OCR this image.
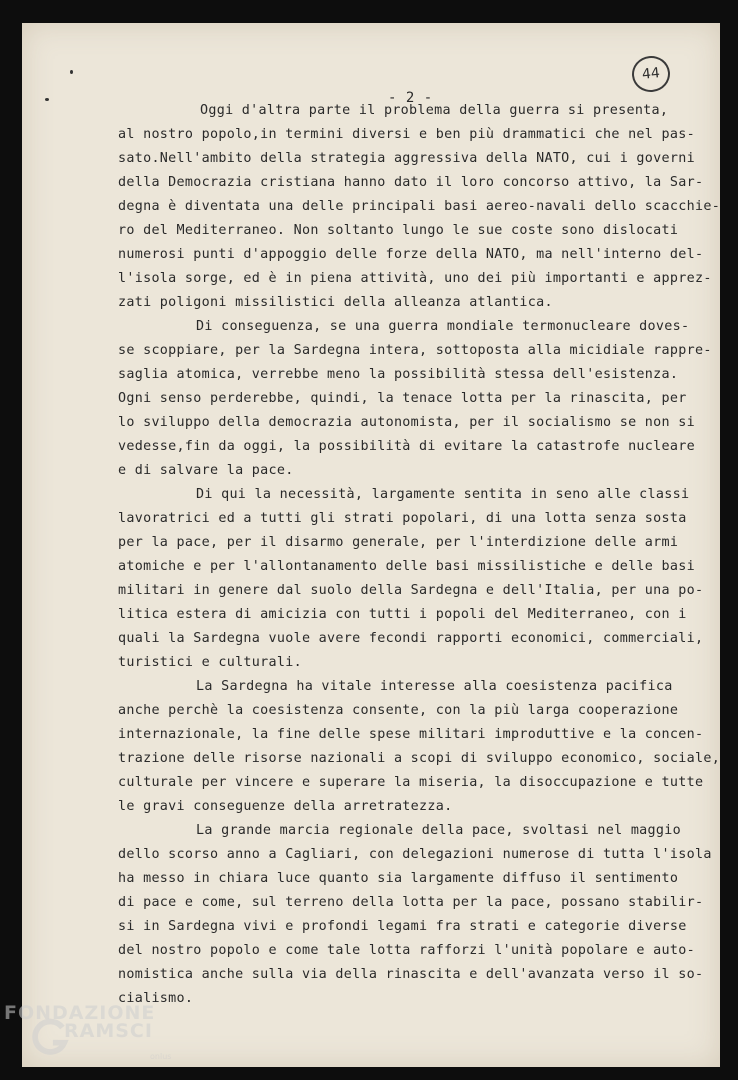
- 2 -
44
Oggi d'altra parte il problema della guerra si presenta,
al nostro popolo,in termini diversi e ben più drammatici che nel pas-
sato.Nell'ambito della strategia aggressiva della NATO, cui i governi
della Democrazia cristiana hanno dato il loro concorso attivo, la Sar-
degna è diventata una delle principali basi aereo-navali dello scacchie-
ro del Mediterraneo. Non soltanto lungo le sue coste sono dislocati
numerosi punti d'appoggio delle forze della NATO, ma nell'interno del-
l'isola sorge, ed è in piena attività, uno dei più importanti e apprez-
zati poligoni missilistici della alleanza atlantica.
Di conseguenza, se una guerra mondiale termonucleare doves-
se scoppiare, per la Sardegna intera, sottoposta alla micidiale rappre-
saglia atomica, verrebbe meno la possibilità stessa dell'esistenza.
Ogni senso perderebbe, quindi, la tenace lotta per la rinascita, per
lo sviluppo della democrazia autonomista, per il socialismo se non si
vedesse,fin da oggi, la possibilità di evitare la catastrofe nucleare
e di salvare la pace.
Di qui la necessità, largamente sentita in seno alle classi
lavoratrici ed a tutti gli strati popolari, di una lotta senza sosta
per la pace, per il disarmo generale, per l'interdizione delle armi
atomiche e per l'allontanamento delle basi missilistiche e delle basi
militari in genere dal suolo della Sardegna e dell'Italia, per una po-
litica estera di amicizia con tutti i popoli del Mediterraneo, con i
quali la Sardegna vuole avere fecondi rapporti economici, commerciali,
turistici e culturali.
La Sardegna ha vitale interesse alla coesistenza pacifica
anche perchè la coesistenza consente, con la più larga cooperazione
internazionale, la fine delle spese militari improduttive e la concen-
trazione delle risorse nazionali a scopi di sviluppo economico, sociale,
culturale per vincere e superare la miseria, la disoccupazione e tutte
le gravi conseguenze della arretratezza.
La grande marcia regionale della pace, svoltasi nel maggio
dello scorso anno a Cagliari, con delegazioni numerose di tutta l'isola
ha messo in chiara luce quanto sia largamente diffuso il sentimento
di pace e come, sul terreno della lotta per la pace, possano stabilir-
si in Sardegna vivi e profondi legami fra strati e categorie diverse
del nostro popolo e come tale lotta rafforzi l'unità popolare e auto-
nomistica anche sulla via della rinascita e dell'avanzata verso il so-
cialismo.
FONDAZIONE
RAMSCI
onlus
